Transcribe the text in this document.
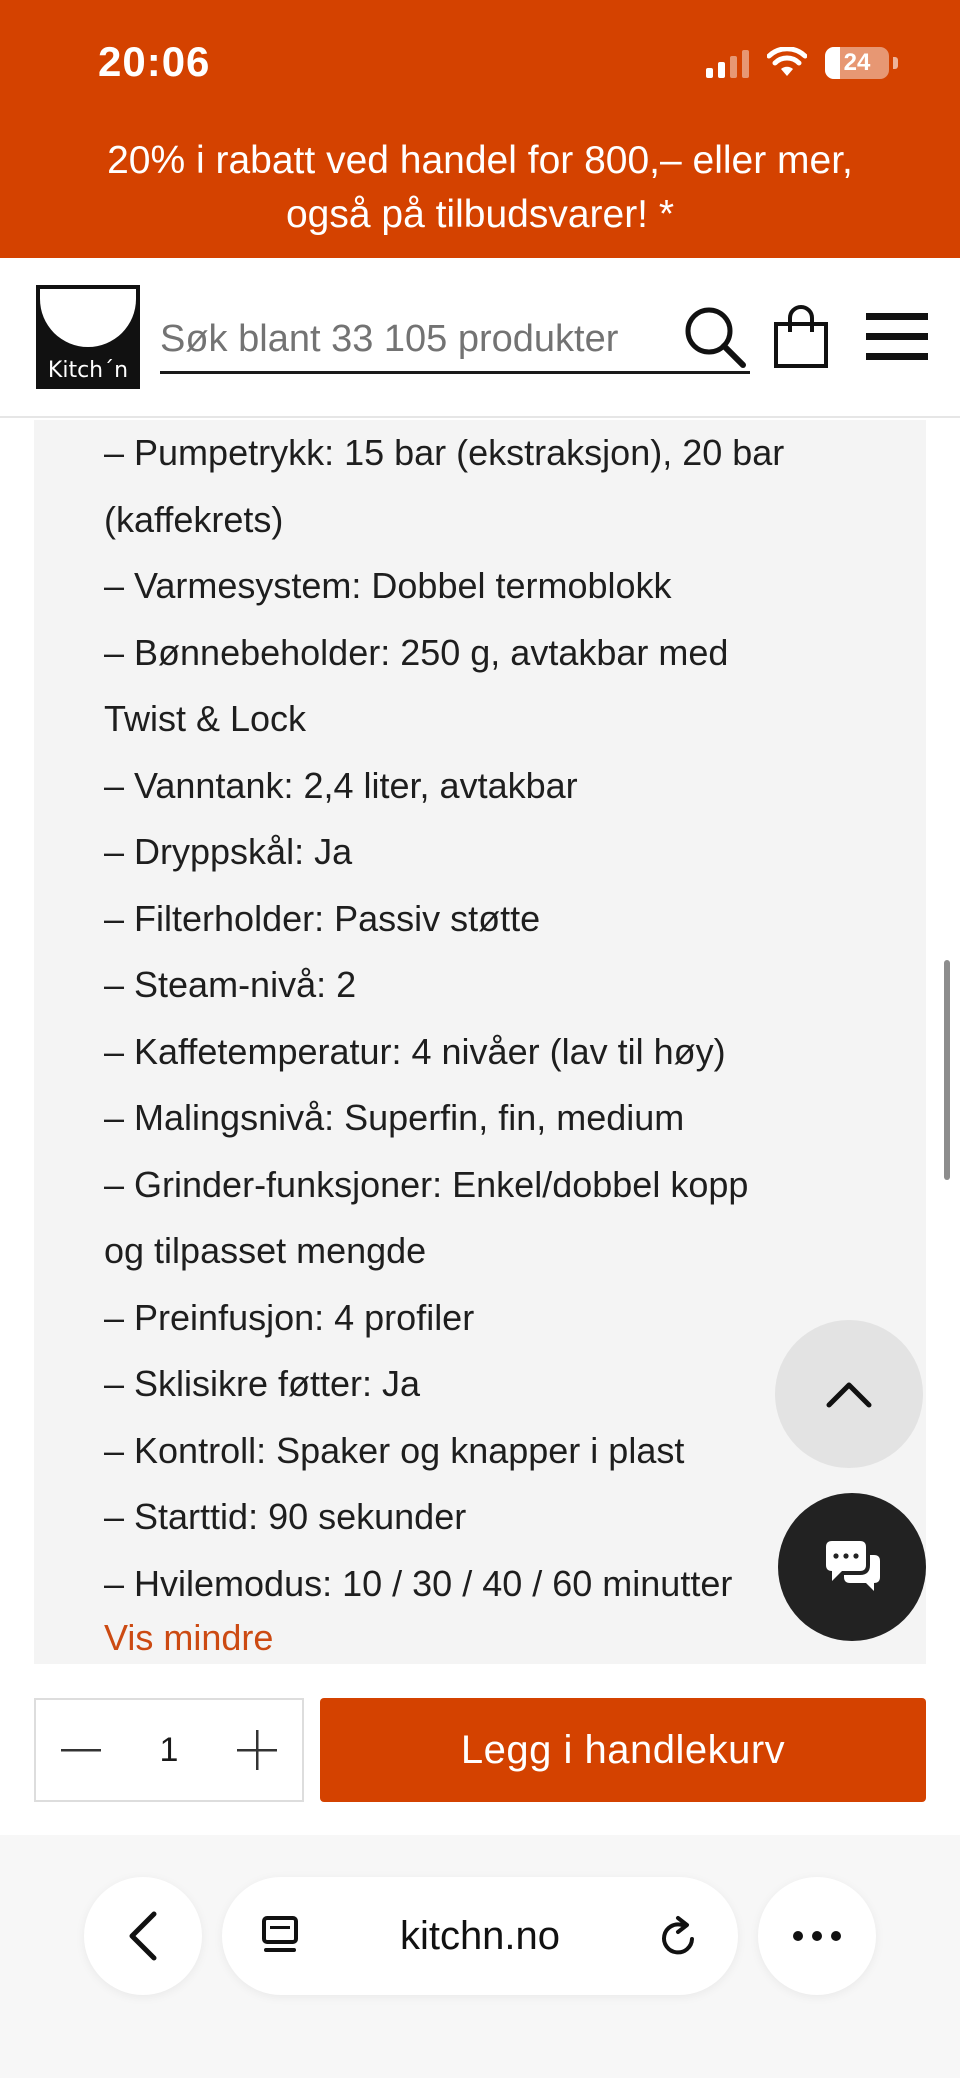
20:06	24
20% i rabatt ved handel for 800,– eller mer,
også på tilbudsvarer! *
Kitch´n
Søk blant 33 105 produkter
– Pumpetrykk: 15 bar (ekstraksjon), 20 bar
(kaffekrets)
– Varmesystem: Dobbel termoblokk
– Bønnebeholder: 250 g, avtakbar med
Twist & Lock
– Vanntank: 2,4 liter, avtakbar
– Dryppskål: Ja
– Filterholder: Passiv støtte
– Steam-nivå: 2
– Kaffetemperatur: 4 nivåer (lav til høy)
– Malingsnivå: Superfin, fin, medium
– Grinder-funksjoner: Enkel/dobbel kopp
og tilpasset mengde
– Preinfusjon: 4 profiler
– Sklisikre føtter: Ja
– Kontroll: Spaker og knapper i plast
– Starttid: 90 sekunder
– Hvilemodus: 10 / 30 / 40 / 60 minutter
Vis mindre
1	Legg i handlekurv
kitchn.no
